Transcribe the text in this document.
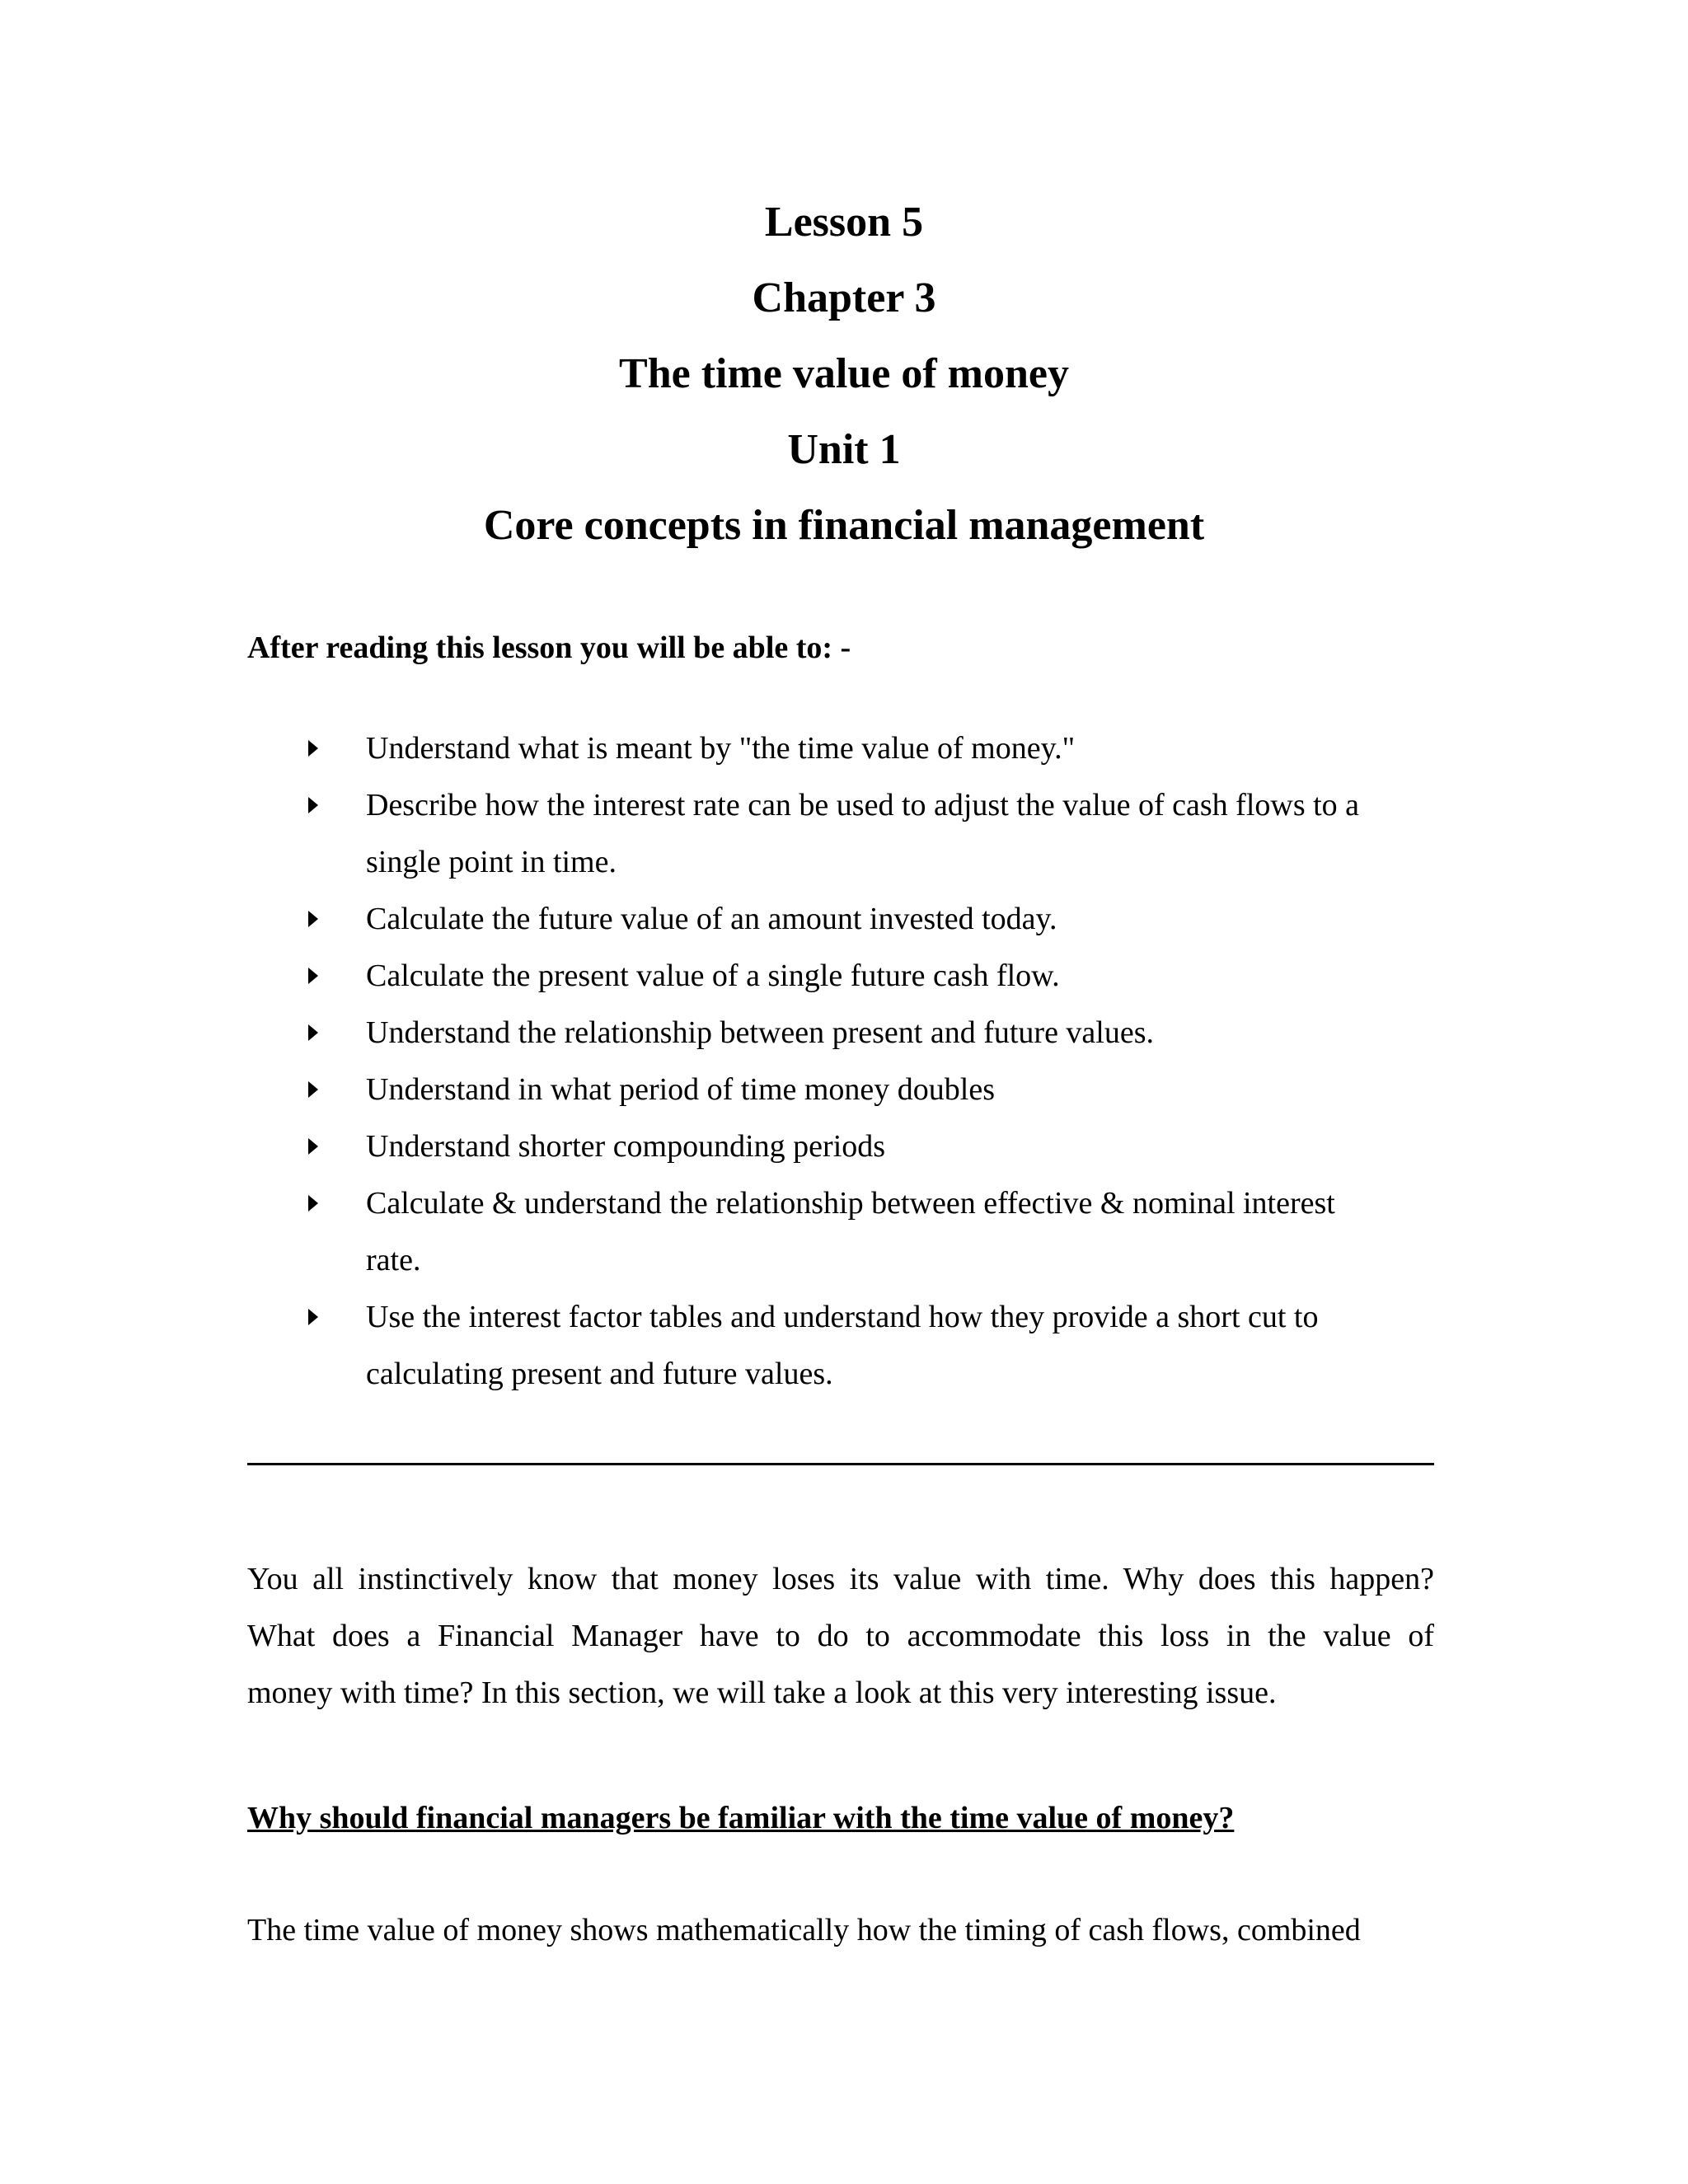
Lesson 5
Chapter 3
The time value of money
Unit 1
Core concepts in financial management
After reading this lesson you will be able to: -
Understand what is meant by "the time value of money."
Describe how the interest rate can be used to adjust the value of cash flows to a
single point in time.
Calculate the future value of an amount invested today.
Calculate the present value of a single future cash flow.
Understand the relationship between present and future values.
Understand in what period of time money doubles
Understand shorter compounding periods
Calculate & understand the relationship between effective & nominal interest
rate.
Use the interest factor tables and understand how they provide a short cut to
calculating present and future values.
You all instinctively know that money loses its value with time. Why does this happen?
What does a Financial Manager have to do to accommodate this loss in the value of
money with time? In this section, we will take a look at this very interesting issue.
Why should financial managers be familiar with the time value of money?
The time value of money shows mathematically how the timing of cash flows, combined
